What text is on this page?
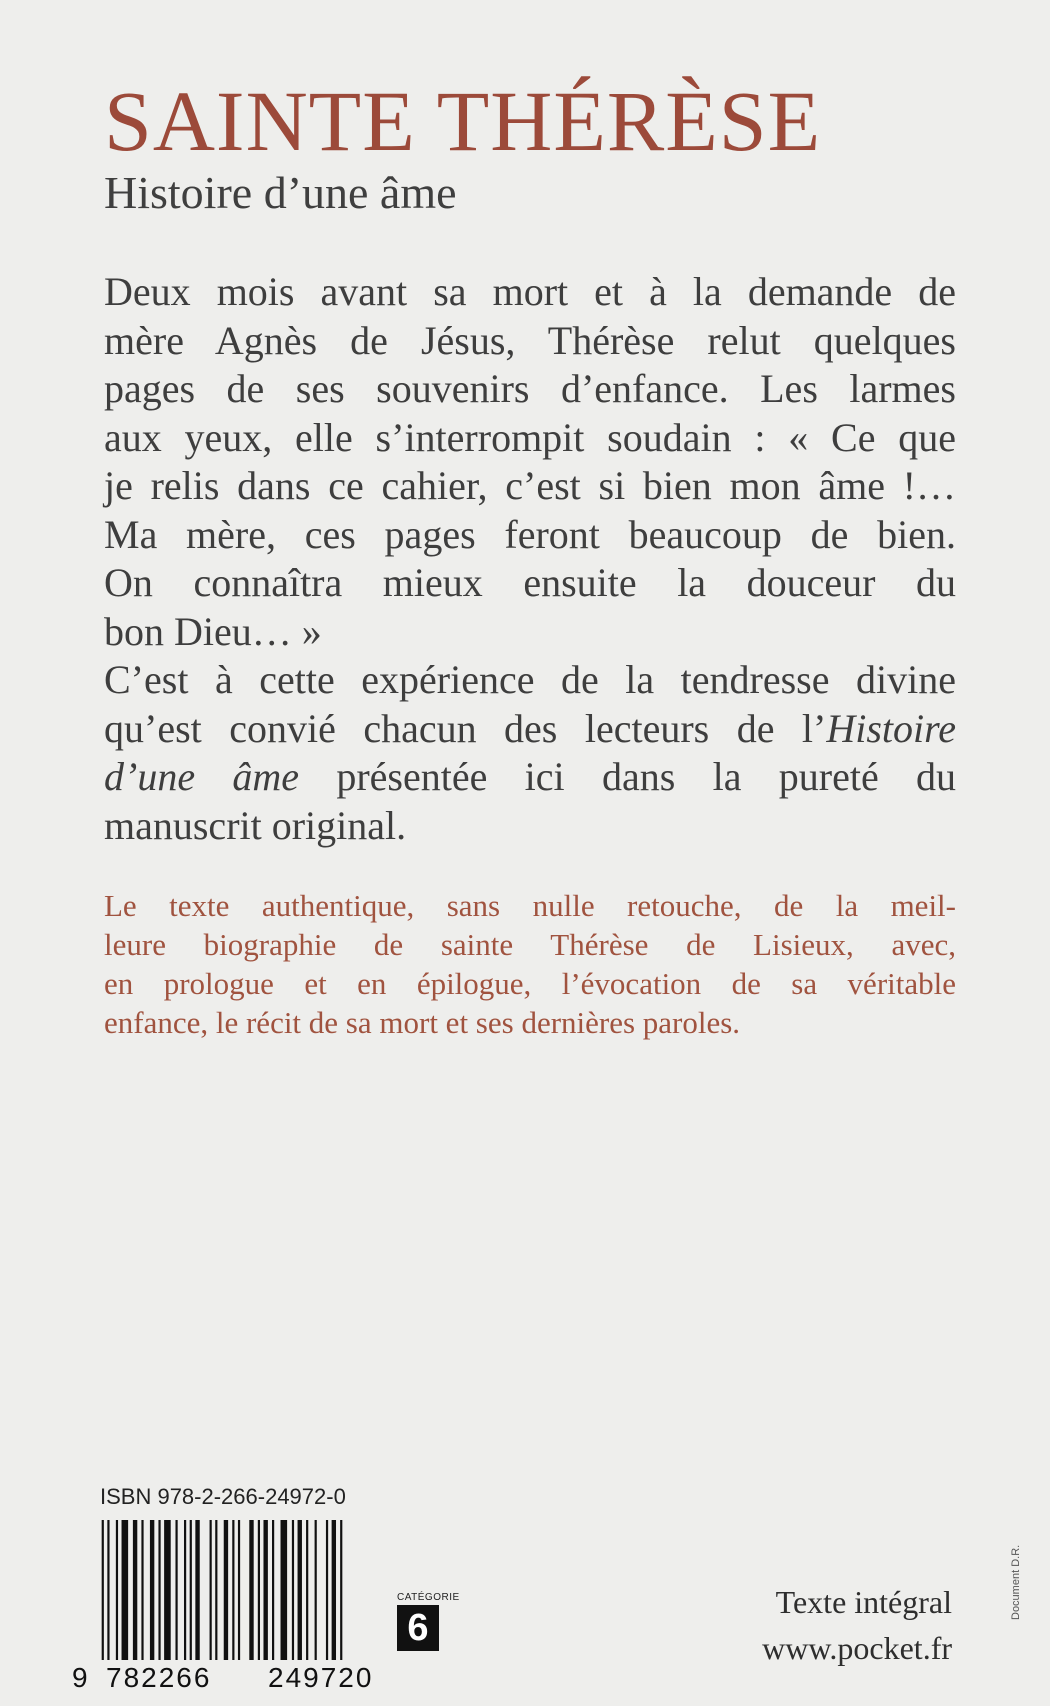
SAINTE THÉRÈSE
Histoire d’une âme

Deux mois avant sa mort et à la demande de
mère Agnès de Jésus, Thérèse relut quelques
pages de ses souvenirs d’enfance. Les larmes
aux yeux, elle s’interrompit soudain : « Ce que
je relis dans ce cahier, c’est si bien mon âme !…
Ma mère, ces pages feront beaucoup de bien.
On connaîtra mieux ensuite la douceur du
bon Dieu… »

C’est à cette expérience de la tendresse divine
qu’est convié chacun des lecteurs de l’Histoire
d’une âme présentée ici dans la pureté du
manuscrit original.

Le texte authentique, sans nulle retouche, de la meil-
leure biographie de sainte Thérèse de Lisieux, avec,
en prologue et en épilogue, l’évocation de sa véritable
enfance, le récit de sa mort et ses dernières paroles.
ISBN 978-2-266-24972-0
9 782266 249720
CATÉGORIE
6
Texte intégral
www.pocket.fr
Document D.R.
